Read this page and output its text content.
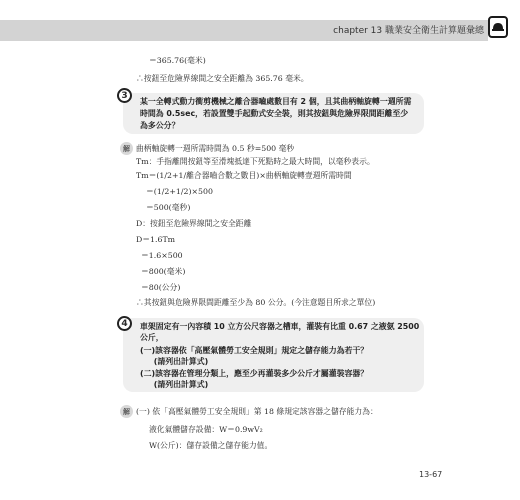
chapter 13 職業安全衛生計算題彙總
＝365.76(毫米)
∴按鈕至危險界線間之安全距離為 365.76 毫米。
某一全轉式動力衝剪機械之離合器嚙處數目有 2 個，且其曲柄軸旋轉一週所需
時間為 0.5sec，若設置雙手起動式安全裝，則其按鈕與危險界限間距離至少
為多公分？
3
解 曲柄軸旋轉一週所需時間為 0.5 秒=500 毫秒
Tm：手指離開按鈕等至滑塊抵達下死點時之最大時間，以毫秒表示。
Tm＝(1/2+1/離合器嚙合數之數目)×曲柄軸旋轉壹週所需時間
＝(1/2+1/2)×500
＝500(毫秒)
D：按鈕至危險界線間之安全距離
D＝1.6Tm
＝1.6×500
＝800(毫米)
＝80(公分)
∴其按鈕與危險界限間距離至少為 80 公分。(今注意題目所求之單位)
車架固定有一內容積 10 立方公尺容器之槽車，灌裝有比重 0.67 之液氨 2500
公斤，
(一)該容器依「高壓氣體勞工安全規則」規定之儲存能力為若干？
(請列出計算式)
(二)該容器在管理分類上，應至少再灌裝多少公斤才屬灌裝容器？
(請列出計算式)
4
解 (一) 依「高壓氣體勞工安全規則」第 18 條規定該容器之儲存能力為：
液化氣體儲存設備：W＝0.9wV₂
W(公斤)：儲存設備之儲存能力值。
13-67
